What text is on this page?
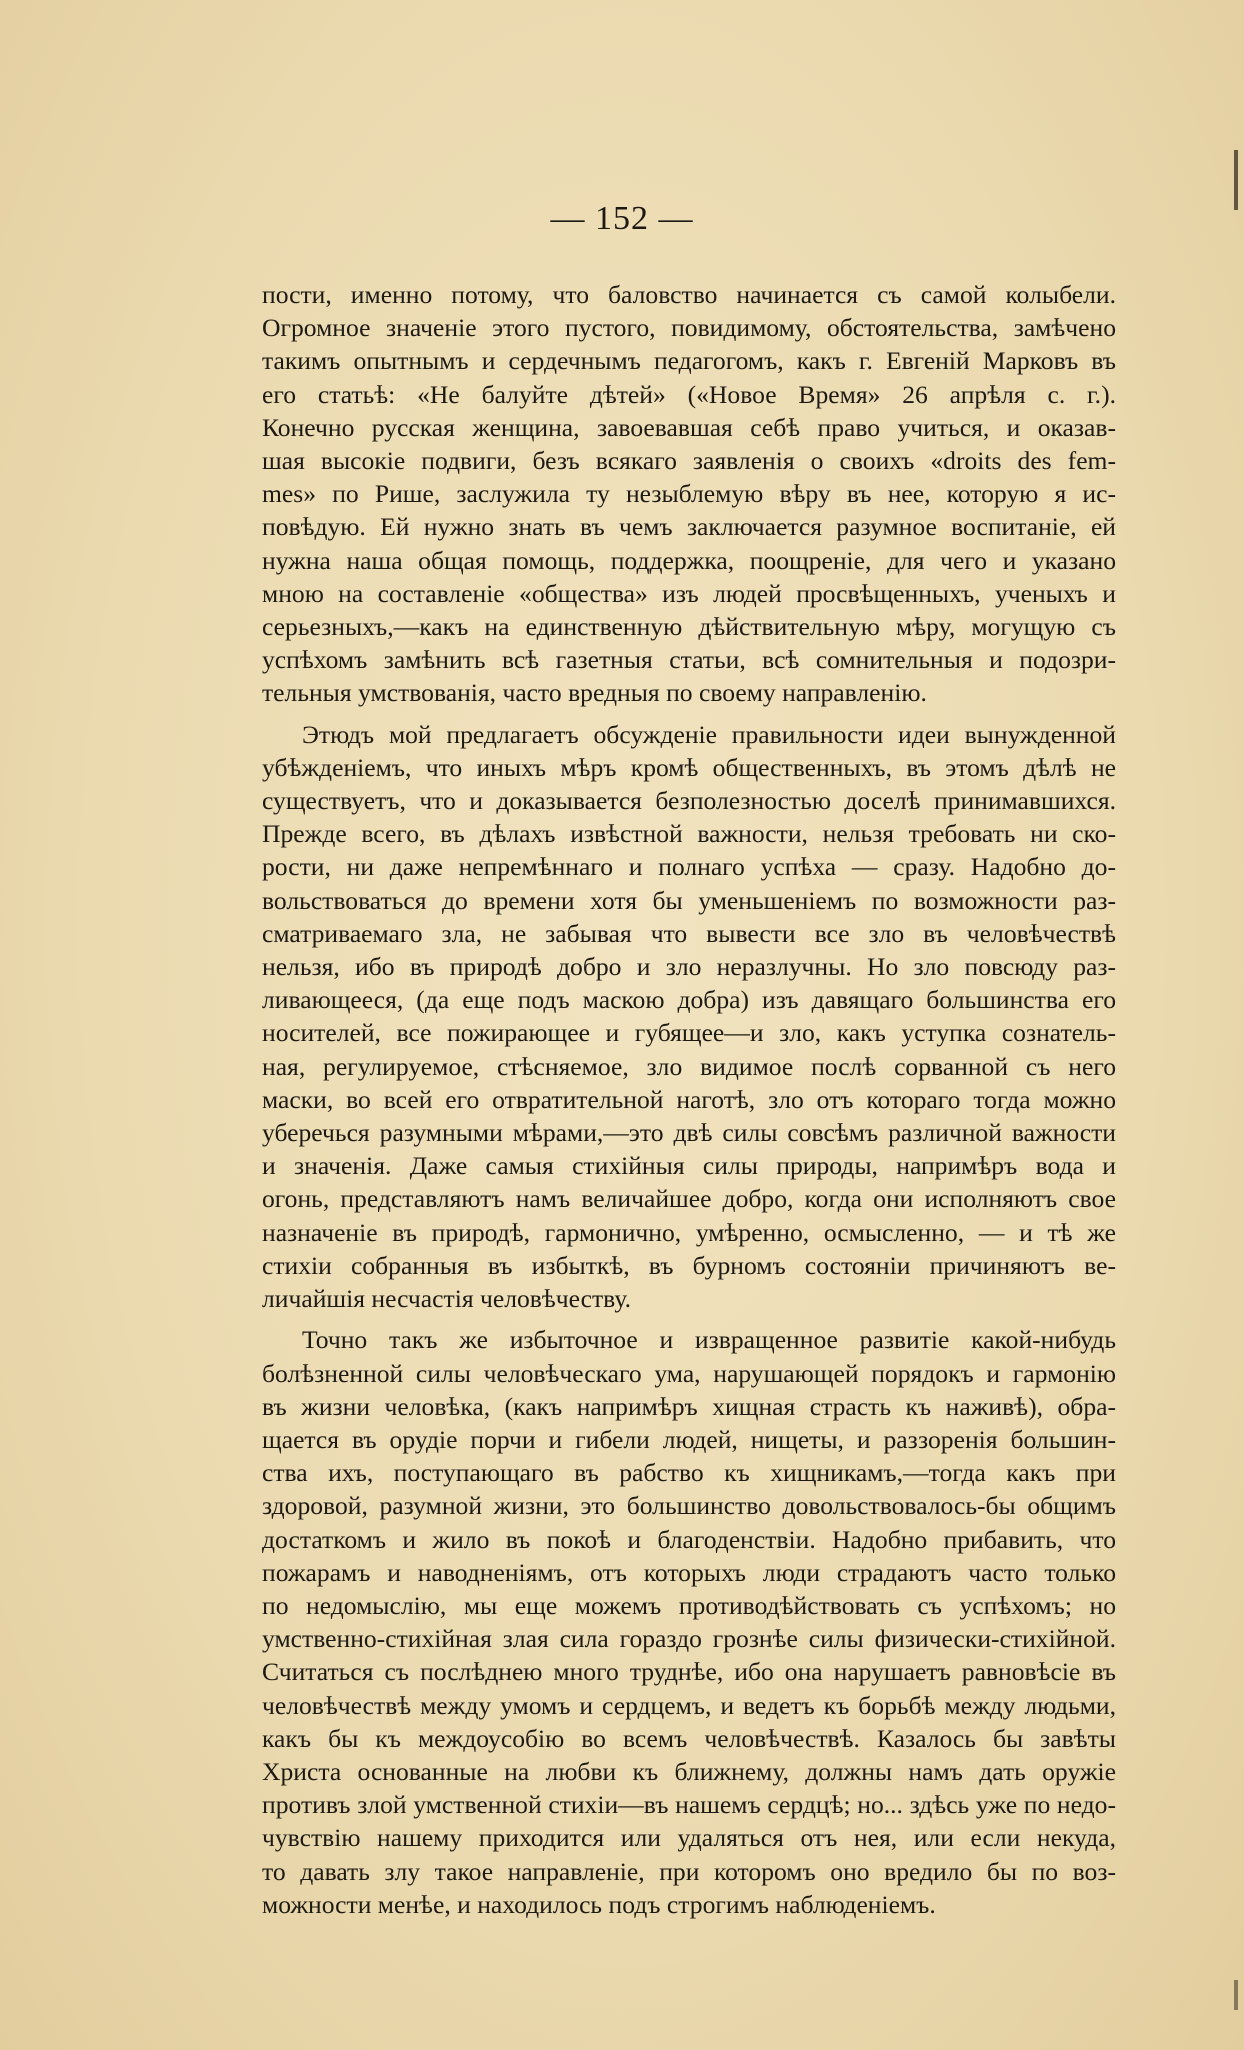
— 152 —
пости, именно потому, что баловство начинается съ самой колыбели.
Огромное значеніе этого пустого, повидимому, обстоятельства, замѣчено
такимъ опытнымъ и сердечнымъ педагогомъ, какъ г. Евгеній Марковъ въ
его статьѣ: «Не балуйте дѣтей» («Новое Время» 26 апрѣля с. г.).
Конечно русская женщина, завоевавшая себѣ право учиться, и оказав-
шая высокіе подвиги, безъ всякаго заявленія о своихъ «droits des fem-
mes» по Рише, заслужила ту незыблемую вѣру въ нее, которую я ис-
повѣдую. Ей нужно знать въ чемъ заключается разумное воспитаніе, ей
нужна наша общая помощь, поддержка, поощреніе, для чего и указано
мною на составленіе «общества» изъ людей просвѣщенныхъ, ученыхъ и
серьезныхъ,—какъ на единственную дѣйствительную мѣру, могущую съ
успѣхомъ замѣнить всѣ газетныя статьи, всѣ сомнительныя и подозри-
тельныя умствованія, часто вредныя по своему направленію.
Этюдъ мой предлагаетъ обсужденіе правильности идеи вынужденной
убѣжденіемъ, что иныхъ мѣръ кромѣ общественныхъ, въ этомъ дѣлѣ не
существуетъ, что и доказывается безполезностью доселѣ принимавшихся.
Прежде всего, въ дѣлахъ извѣстной важности, нельзя требовать ни ско-
рости, ни даже непремѣннаго и полнаго успѣха — сразу. Надобно до-
вольствоваться до времени хотя бы уменьшеніемъ по возможности раз-
сматриваемаго зла, не забывая что вывести все зло въ человѣчествѣ
нельзя, ибо въ природѣ добро и зло неразлучны. Но зло повсюду раз-
ливающееся, (да еще подъ маскою добра) изъ давящаго большинства его
носителей, все пожирающее и губящее—и зло, какъ уступка сознатель-
ная, регулируемое, стѣсняемое, зло видимое послѣ сорванной съ него
маски, во всей его отвратительной наготѣ, зло отъ котораго тогда можно
уберечься разумными мѣрами,—это двѣ силы совсѣмъ различной важности
и значенія. Даже самыя стихійныя силы природы, напримѣръ вода и
огонь, представляютъ намъ величайшее добро, когда они исполняютъ свое
назначеніе въ природѣ, гармонично, умѣренно, осмысленно, — и тѣ же
стихіи собранныя въ избыткѣ, въ бурномъ состояніи причиняютъ ве-
личайшія несчастія человѣчеству.
Точно такъ же избыточное и извращенное развитіе какой-нибудь
болѣзненной силы человѣческаго ума, нарушающей порядокъ и гармонію
въ жизни человѣка, (какъ напримѣръ хищная страсть къ наживѣ), обра-
щается въ орудіе порчи и гибели людей, нищеты, и раззоренія большин-
ства ихъ, поступающаго въ рабство къ хищникамъ,—тогда какъ при
здоровой, разумной жизни, это большинство довольствовалось-бы общимъ
достаткомъ и жило въ покоѣ и благоденствіи. Надобно прибавить, что
пожарамъ и наводненіямъ, отъ которыхъ люди страдаютъ часто только
по недомыслію, мы еще можемъ противодѣйствовать съ успѣхомъ; но
умственно-стихійная злая сила гораздо грознѣе силы физически-стихійной.
Считаться съ послѣднею много труднѣе, ибо она нарушаетъ равновѣсіе въ
человѣчествѣ между умомъ и сердцемъ, и ведетъ къ борьбѣ между людьми,
какъ бы къ междоусобію во всемъ человѣчествѣ. Казалось бы завѣты
Христа основанные на любви къ ближнему, должны намъ дать оружіе
противъ злой умственной стихіи—въ нашемъ сердцѣ; но... здѣсь уже по недо-
чувствію нашему приходится или удаляться отъ нея, или если некуда,
то давать злу такое направленіе, при которомъ оно вредило бы по воз-
можности менѣе, и находилось подъ строгимъ наблюденіемъ.
